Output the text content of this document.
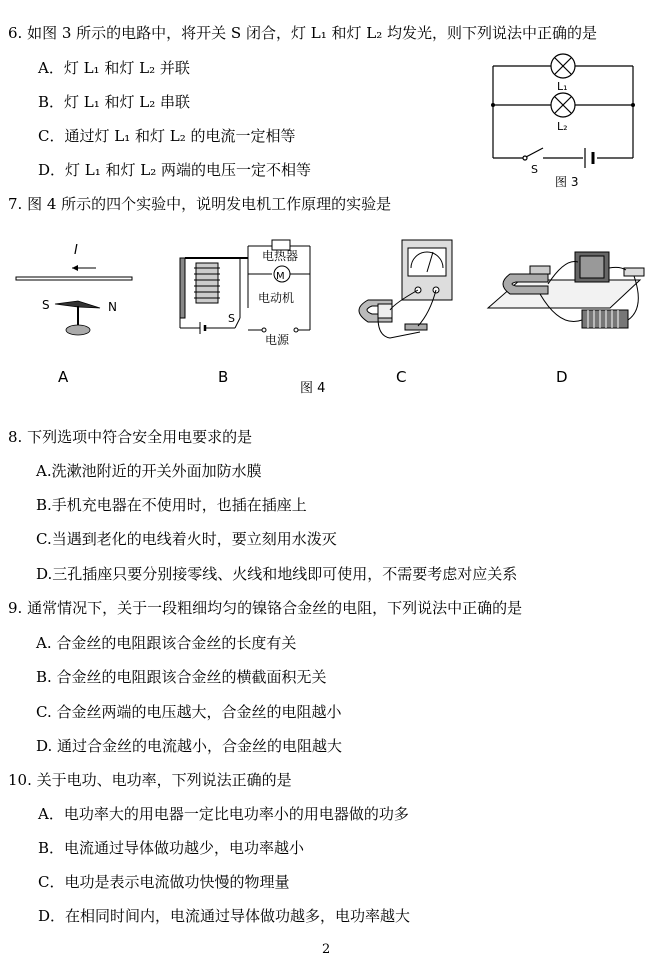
6. 如图 3 所示的电路中，将开关 S 闭合，灯 L₁ 和灯 L₂ 均发光，则下列说法中正确的是
A．灯 L₁ 和灯 L₂ 并联
B．灯 L₁ 和灯 L₂ 串联
C．通过灯 L₁ 和灯 L₂ 的电流一定相等
D．灯 L₁ 和灯 L₂ 两端的电压一定不相等
L₁
L₂
S
图 3
7. 图 4 所示的四个实验中，说明发电机工作原理的实验是
I
S	N
M
电热器
电动机
电源
S
A	B	C	D
图 4
8. 下列选项中符合安全用电要求的是
A.洗漱池附近的开关外面加防水膜
B.手机充电器在不使用时，也插在插座上
C.当遇到老化的电线着火时，要立刻用水泼灭
D.三孔插座只要分别接零线、火线和地线即可使用，不需要考虑对应关系
9. 通常情况下，关于一段粗细均匀的镍铬合金丝的电阻，下列说法中正确的是
A. 合金丝的电阻跟该合金丝的长度有关
B. 合金丝的电阻跟该合金丝的横截面积无关
C. 合金丝两端的电压越大，合金丝的电阻越小
D. 通过合金丝的电流越小，合金丝的电阻越大
10. 关于电功、电功率，下列说法正确的是
A．电功率大的用电器一定比电功率小的用电器做的功多
B．电流通过导体做功越少，电功率越小
C．电功是表示电流做功快慢的物理量
D．在相同时间内，电流通过导体做功越多，电功率越大
2
